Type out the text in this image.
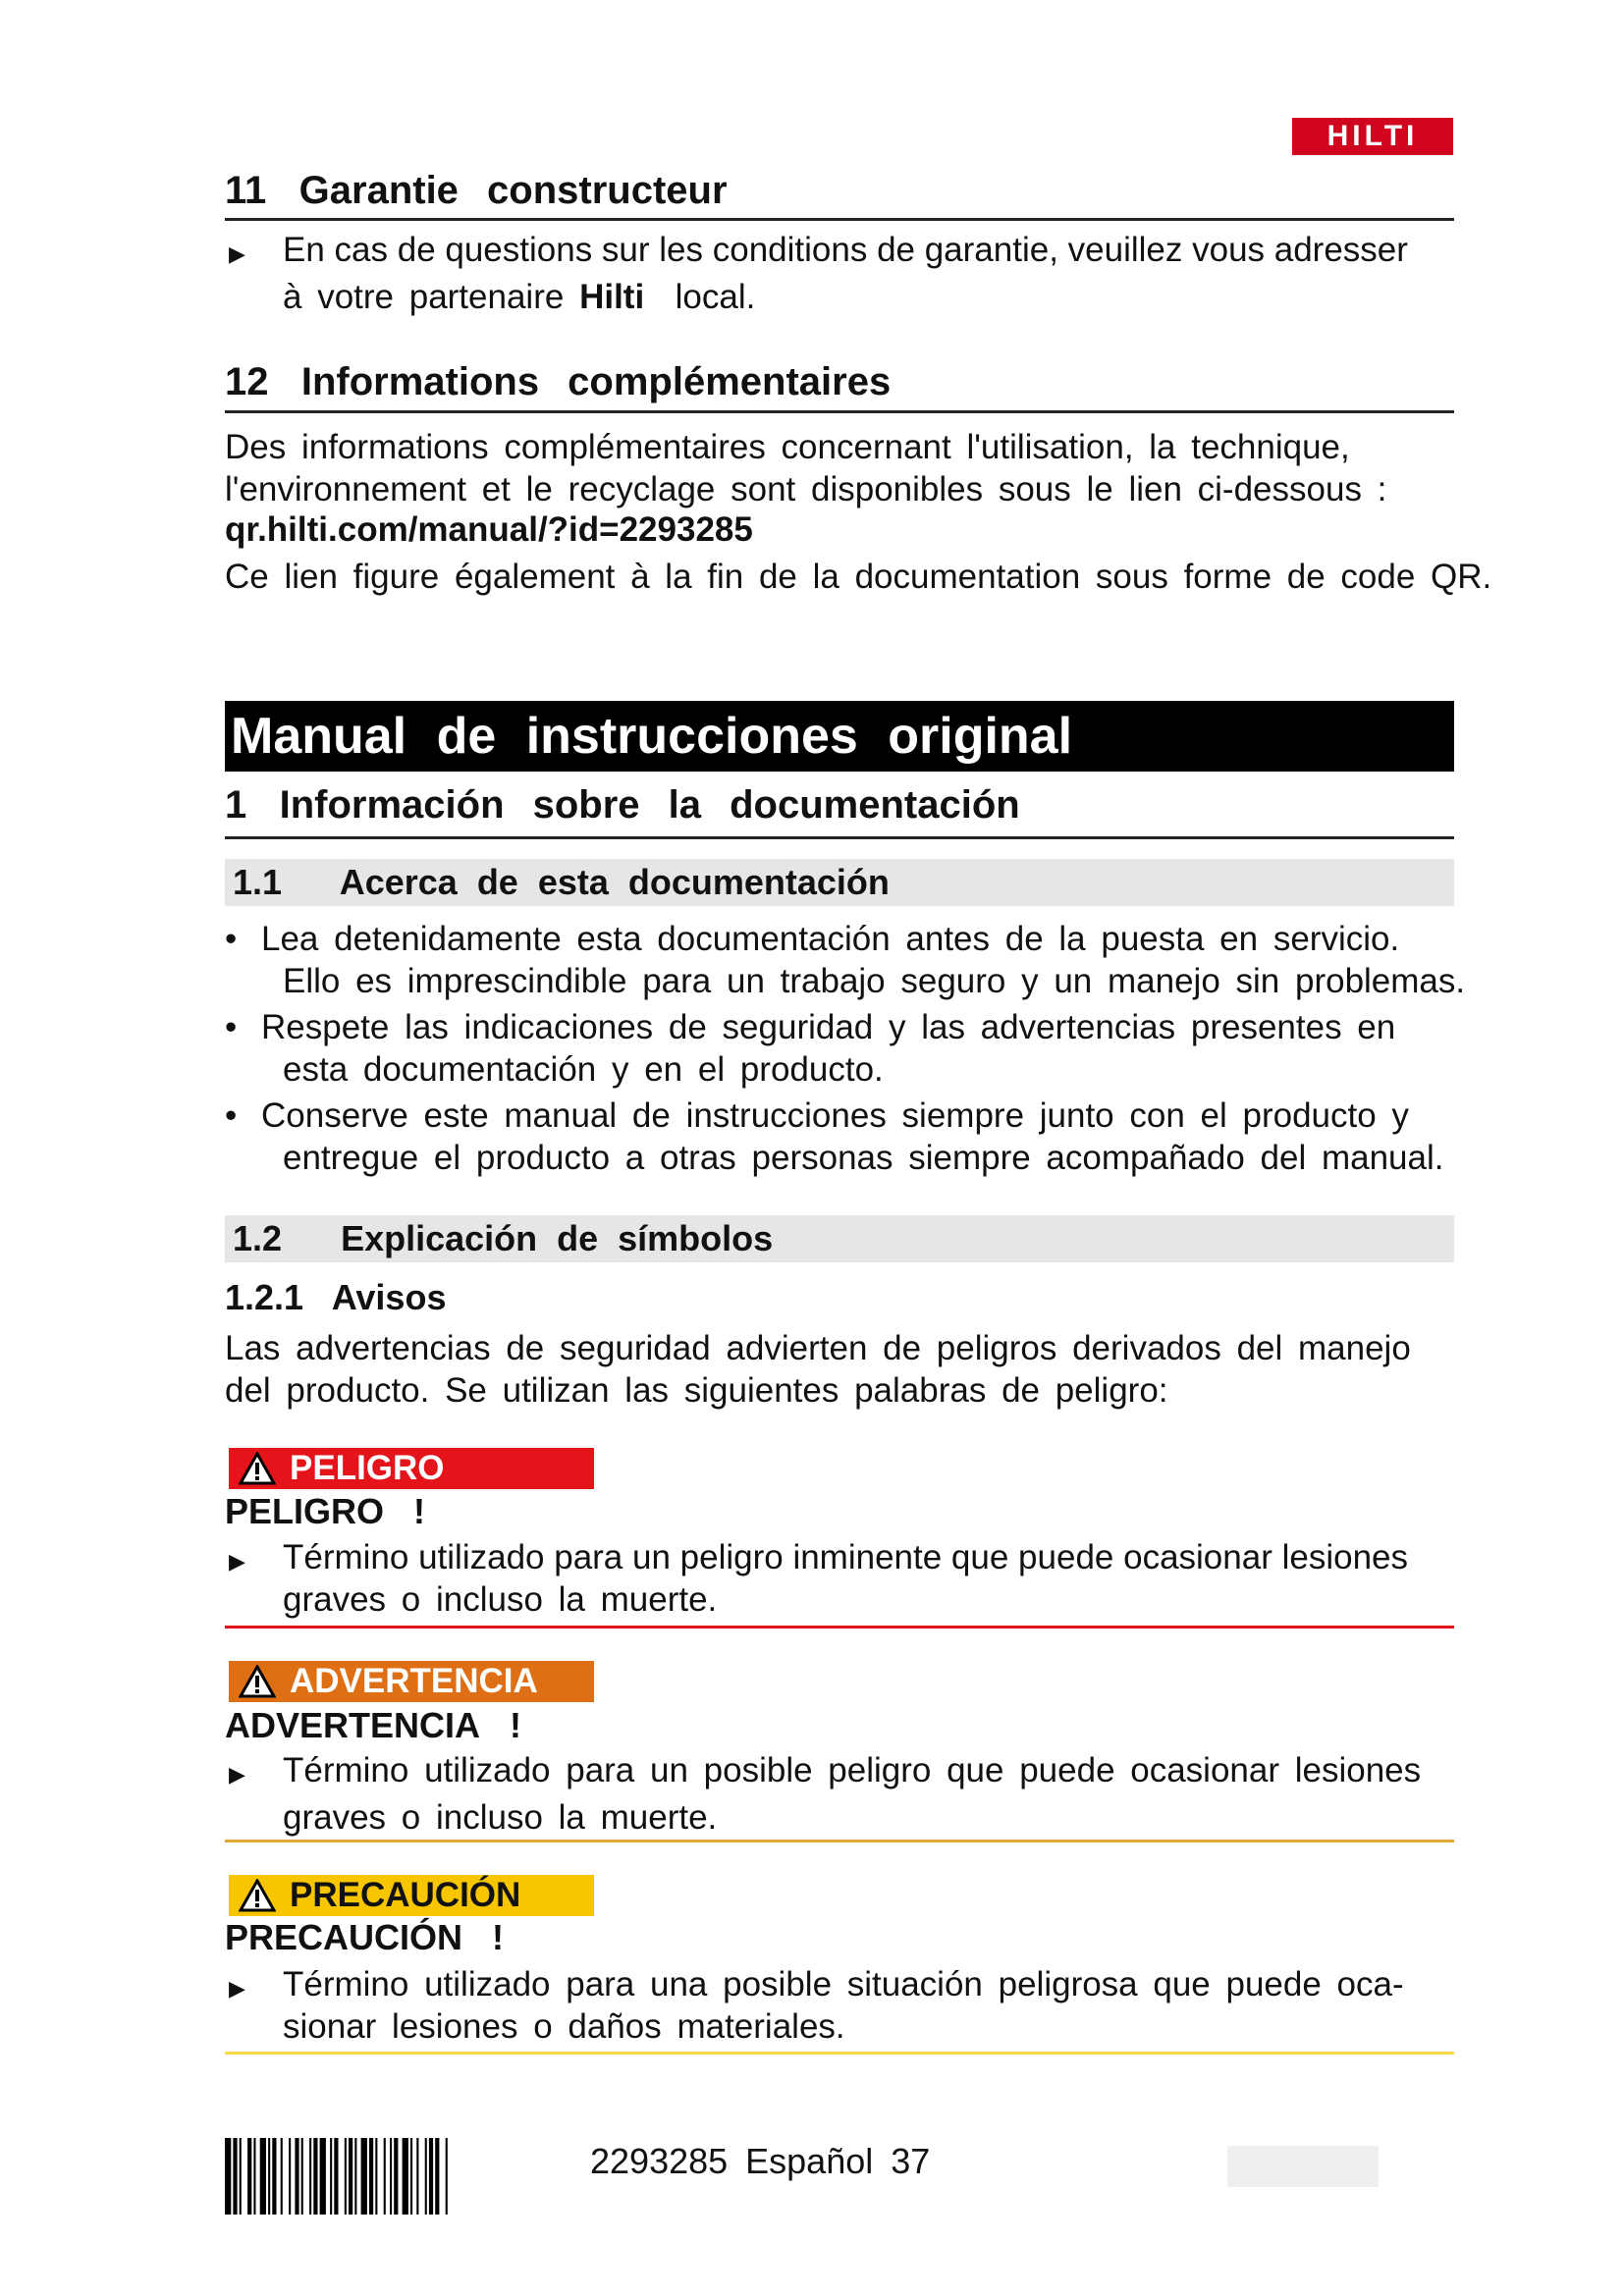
HILTI
11 Garantie constructeur
▶ En cas de questions sur les conditions de garantie, veuillez vous adresser
à votre partenaire Hilti local.
12 Informations complémentaires
Des informations complémentaires concernant l'utilisation, la technique,
l'environnement et le recyclage sont disponibles sous le lien ci-dessous :
qr.hilti.com/manual/?id=2293285
Ce lien figure également à la fin de la documentation sous forme de code QR.
Manual de instrucciones original
1 Información sobre la documentación
1.1 Acerca de esta documentación
• Lea detenidamente esta documentación antes de la puesta en servicio.
Ello es imprescindible para un trabajo seguro y un manejo sin problemas.
• Respete las indicaciones de seguridad y las advertencias presentes en
esta documentación y en el producto.
• Conserve este manual de instrucciones siempre junto con el producto y
entregue el producto a otras personas siempre acompañado del manual.
1.2 Explicación de símbolos
1.2.1 Avisos
Las advertencias de seguridad advierten de peligros derivados del manejo
del producto. Se utilizan las siguientes palabras de peligro:
PELIGRO
PELIGRO !
▶ Término utilizado para un peligro inminente que puede ocasionar lesiones
graves o incluso la muerte.
ADVERTENCIA
ADVERTENCIA !
▶ Término utilizado para un posible peligro que puede ocasionar lesiones
graves o incluso la muerte.
PRECAUCIÓN
PRECAUCIÓN !
▶ Término utilizado para una posible situación peligrosa que puede oca-
sionar lesiones o daños materiales.
2293285 Español 37
